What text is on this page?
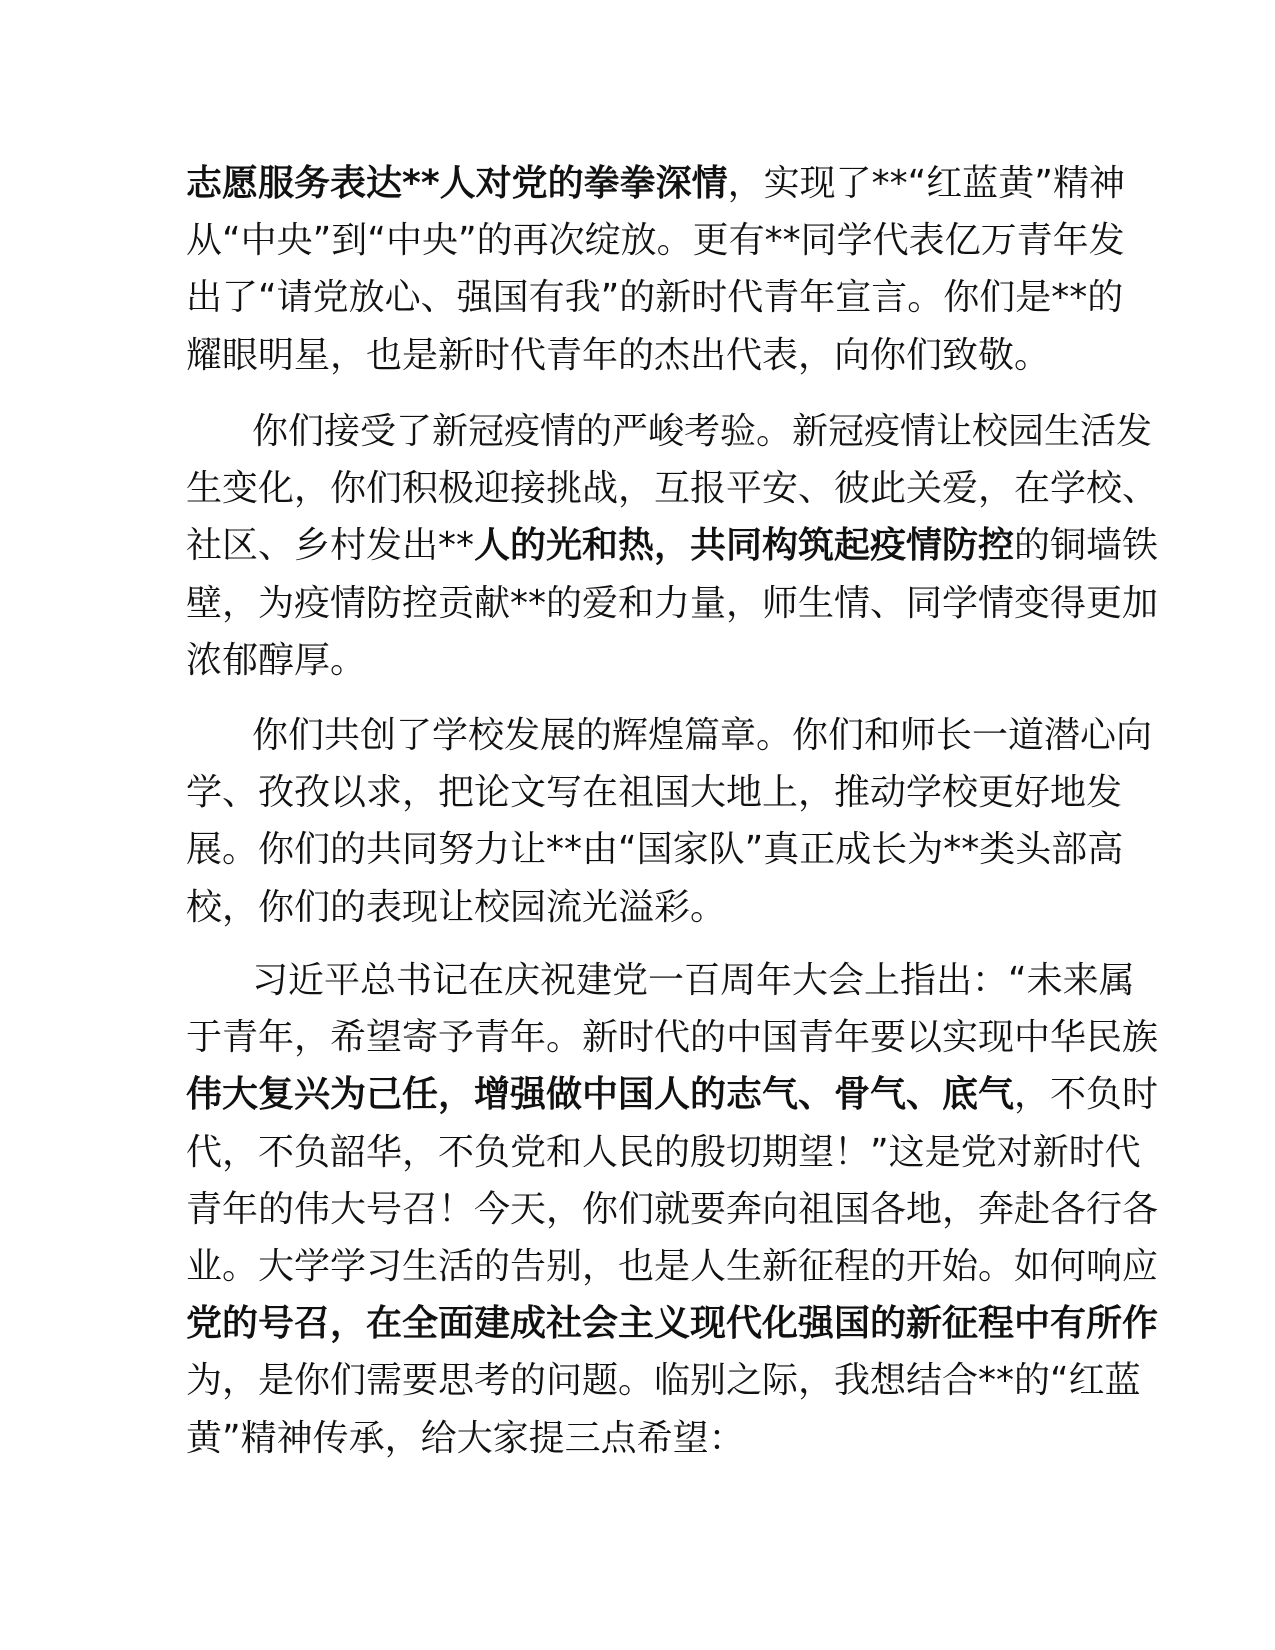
志愿服务表达**人对党的拳拳深情，实现了**“红蓝黄”精神
从“中央”到“中央”的再次绽放。更有**同学代表亿万青年发
出了“请党放心、强国有我”的新时代青年宣言。你们是**的
耀眼明星，也是新时代青年的杰出代表，向你们致敬。

你们接受了新冠疫情的严峻考验。新冠疫情让校园生活发
生变化，你们积极迎接挑战，互报平安、彼此关爱，在学校、
社区、乡村发出**人的光和热，共同构筑起疫情防控的铜墙铁
壁，为疫情防控贡献**的爱和力量，师生情、同学情变得更加
浓郁醇厚。

你们共创了学校发展的辉煌篇章。你们和师长一道潜心向
学、孜孜以求，把论文写在祖国大地上，推动学校更好地发
展。你们的共同努力让**由“国家队”真正成长为**类头部高
校，你们的表现让校园流光溢彩。

习近平总书记在庆祝建党一百周年大会上指出：“未来属
于青年，希望寄予青年。新时代的中国青年要以实现中华民族
伟大复兴为己任，增强做中国人的志气、骨气、底气，不负时
代，不负韶华，不负党和人民的殷切期望！”这是党对新时代
青年的伟大号召！今天，你们就要奔向祖国各地，奔赴各行各
业。大学学习生活的告别，也是人生新征程的开始。如何响应
党的号召，在全面建成社会主义现代化强国的新征程中有所作
为，是你们需要思考的问题。临别之际，我想结合**的“红蓝
黄”精神传承，给大家提三点希望：
